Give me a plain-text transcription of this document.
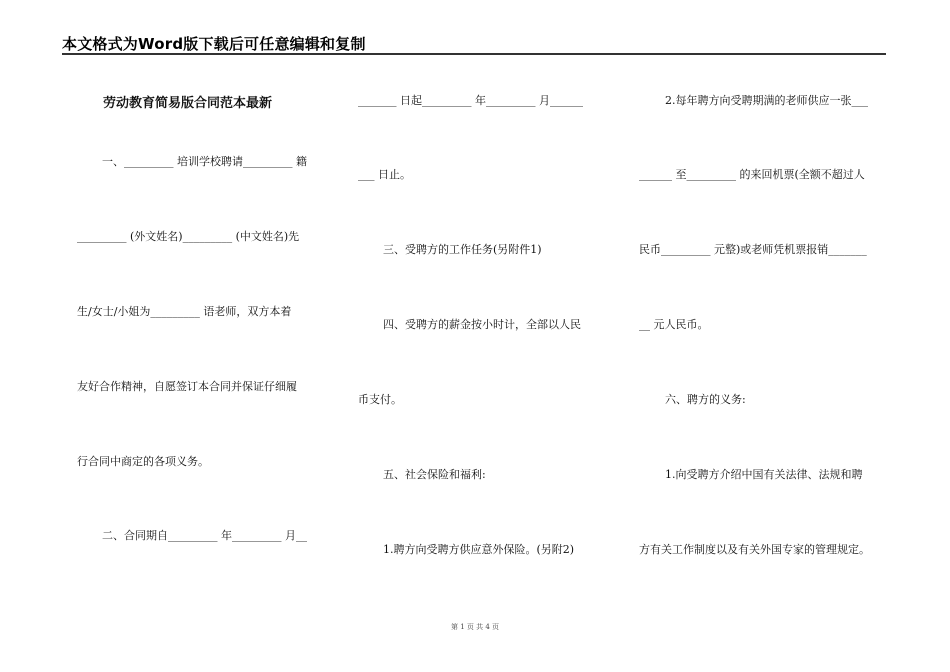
本文格式为Word版下载后可任意编辑和复制
劳动教育简易版合同范本最新
一、_________ 培训学校聘请_________ 籍
_________ (外文姓名)_________ (中文姓名)先
生/女士/小姐为_________ 语老师，双方本着
友好合作精神，自愿签订本合同并保证仔细履
行合同中商定的各项义务。
二、合同期自_________ 年_________ 月__
_______ 日起_________ 年_________ 月______
___ 日止。
三、受聘方的工作任务(另附件1)
四、受聘方的薪金按小时计，全部以人民
币支付。
五、社会保险和福利:
1.聘方向受聘方供应意外保险。(另附2)
2.每年聘方向受聘期满的老师供应一张___
______ 至_________ 的来回机票(全额不超过人
民币_________ 元整)或老师凭机票报销_______
__ 元人民币。
六、聘方的义务:
1.向受聘方介绍中国有关法律、法规和聘
方有关工作制度以及有关外国专家的管理规定。
第 1 页 共 4 页
